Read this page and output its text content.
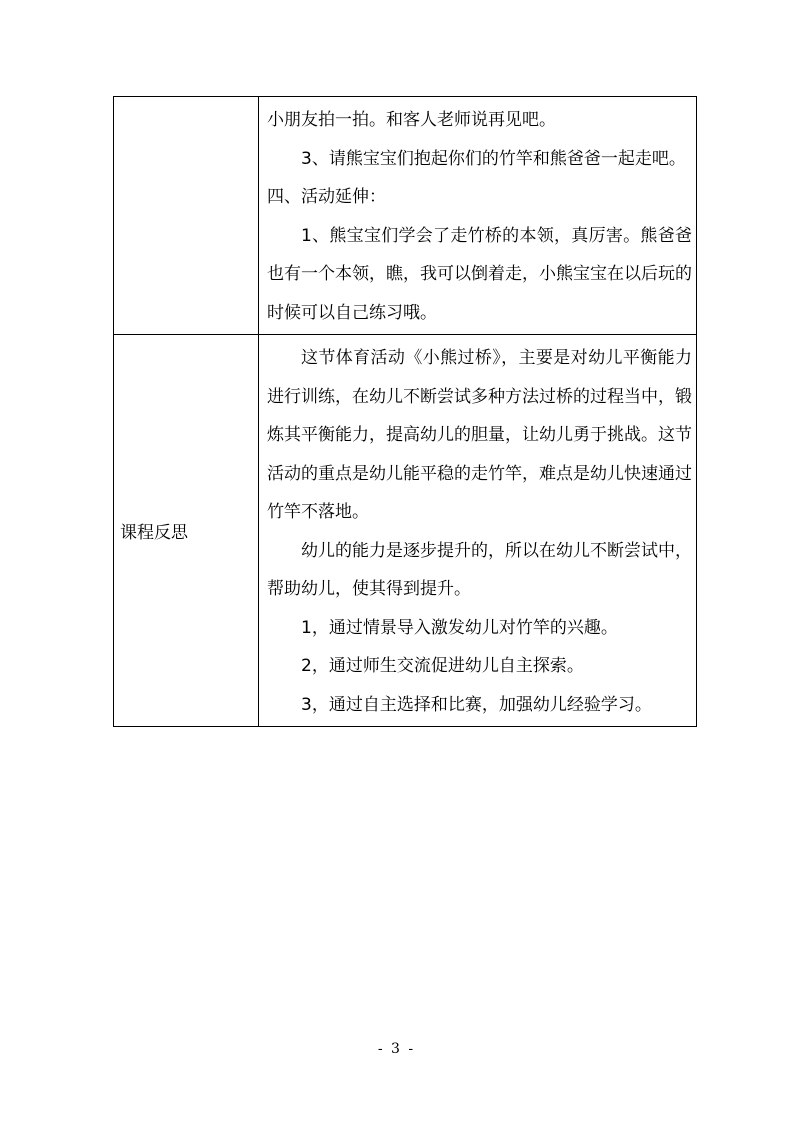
	小朋友拍一拍。和客人老师说再见吧。

3、请熊宝宝们抱起你们的竹竿和熊爸爸一起走吧。

四、活动延伸：

1、熊宝宝们学会了走竹桥的本领，真厉害。熊爸爸也有一个本领，瞧，我可以倒着走，小熊宝宝在以后玩的时候可以自己练习哦。

课程反思	这节体育活动《小熊过桥》，主要是对幼儿平衡能力进行训练，在幼儿不断尝试多种方法过桥的过程当中，锻炼其平衡能力，提高幼儿的胆量，让幼儿勇于挑战。这节活动的重点是幼儿能平稳的走竹竿，难点是幼儿快速通过竹竿不落地。

幼儿的能力是逐步提升的，所以在幼儿不断尝试中，帮助幼儿，使其得到提升。

1，通过情景导入激发幼儿对竹竿的兴趣。

2，通过师生交流促进幼儿自主探索。

3，通过自主选择和比赛，加强幼儿经验学习。

- 3 -
